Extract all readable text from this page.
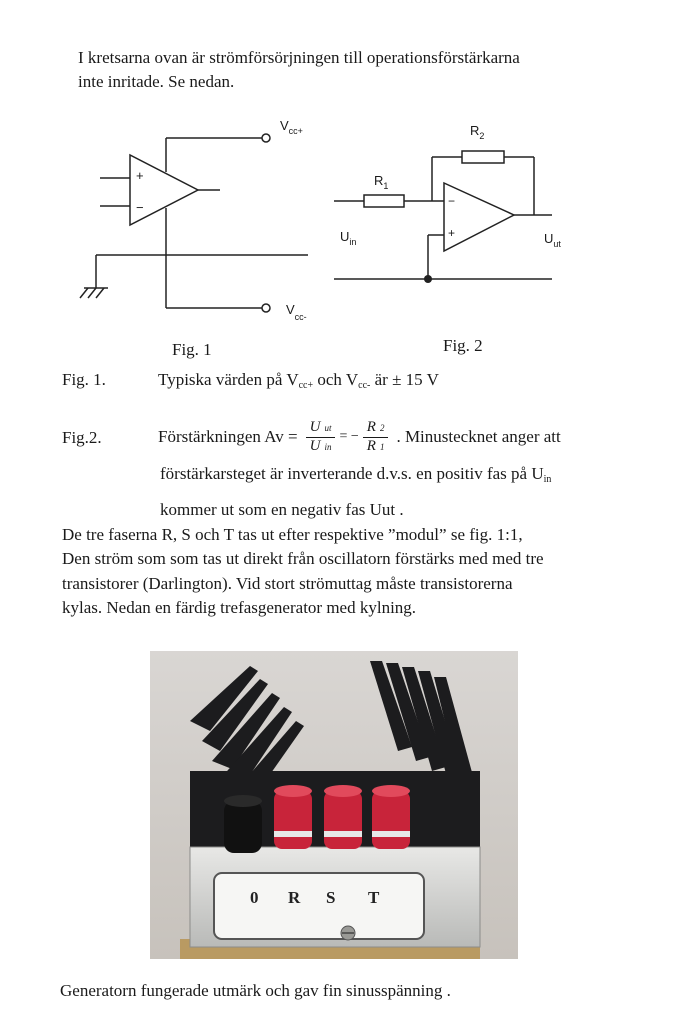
I kretsarna ovan är strömförsörjningen till operationsförstärkarna
inte inritade. Se nedan.
+
−
$V_{cc+}$
$V_{cc-}$
Fig. 1
−
+
$R_2$
$R_1$
$U_{in}$	$U_{ut}$
Fig. 2
Fig. 1.	Typiska värden på $V_{cc+}$ och $V_{cc-}$ är ± 15 V
Fig.2.	Förstärkningen $Av = \frac{\text{U ut}}{\text{U in}}$ = − $\frac{R 2}{R 1}$ . Minustecknet anger att
förstärkarsteget är inverterande d.v.s. en positiv fas på $U_{in}$
kommer ut som en negativ fas Uut .
De tre faserna R, S och T tas ut efter respektive ”modul” se fig. 1:1,
Den ström som som tas ut direkt från oscillatorn förstärks med med tre
transistorer (Darlington). Vid stort strömuttag måste transistorerna
kylas. Nedan en färdig trefasgenerator med kylning.
0 R S T
Generatorn fungerade utmärk och gav fin sinusspänning .
